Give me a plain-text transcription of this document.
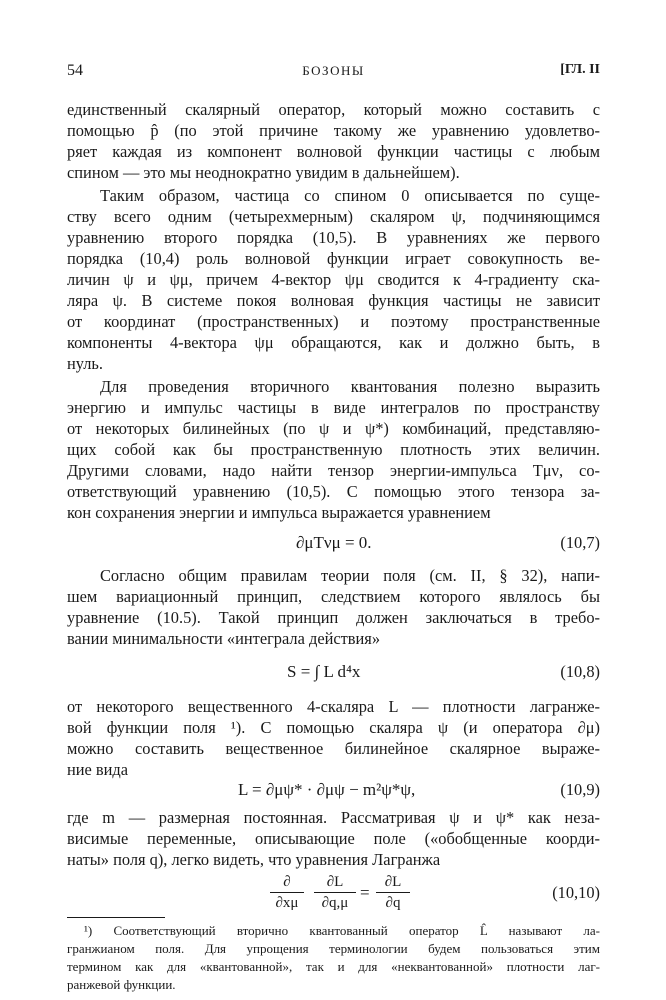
54	БОЗОНЫ	[ГЛ. II
единственный скалярный оператор, который можно составить с
помощью p̂ (по этой причине такому же уравнению удовлетво-
ряет каждая из компонент волновой функции частицы с любым
спином — это мы неоднократно увидим в дальнейшем).
Таким образом, частица со спином 0 описывается по суще-
ству всего одним (четырехмерным) скаляром ψ, подчиняющимся
уравнению второго порядка (10,5). В уравнениях же первого
порядка (10,4) роль волновой функции играет совокупность ве-
личин ψ и ψμ, причем 4-вектор ψμ сводится к 4-градиенту ска-
ляра ψ. В системе покоя волновая функция частицы не зависит
от координат (пространственных) и поэтому пространственные
компоненты 4-вектора ψμ обращаются, как и должно быть, в
нуль.
Для проведения вторичного квантования полезно выразить
энергию и импульс частицы в виде интегралов по пространству
от некоторых билинейных (по ψ и ψ*) комбинаций, представляю-
щих собой как бы пространственную плотность этих величин.
Другими словами, надо найти тензор энергии-импульса Tμν, со-
ответствующий уравнению (10,5). С помощью этого тензора за-
кон сохранения энергии и импульса выражается уравнением
∂μTνμ = 0.	(10,7)
Согласно общим правилам теории поля (см. II, § 32), напи-
шем вариационный принцип, следствием которого являлось бы
уравнение (10.5). Такой принцип должен заключаться в требо-
вании минимальности «интеграла действия»
S = ∫ L d⁴x	(10,8)
от некоторого вещественного 4-скаляра L — плотности лагранже-
вой функции поля ¹). С помощью скаляра ψ (и оператора ∂μ)
можно составить вещественное билинейное скалярное выраже-
ние вида
L = ∂μψ* · ∂μψ − m²ψ*ψ,	(10,9)
где m — размерная постоянная. Рассматривая ψ и ψ* как неза-
висимые переменные, описывающие поле («обобщенные коорди-
наты» поля q), легко видеть, что уравнения Лагранжа
∂
∂xμ
∂L
∂q,μ
=
∂L
∂q
(10,10)
¹) Соответствующий вторично квантованный оператор L̂ называют ла-
гранжианом поля. Для упрощения терминологии будем пользоваться этим
термином как для «квантованной», так и для «неквантованной» плотности лаг-
ранжевой функции.
